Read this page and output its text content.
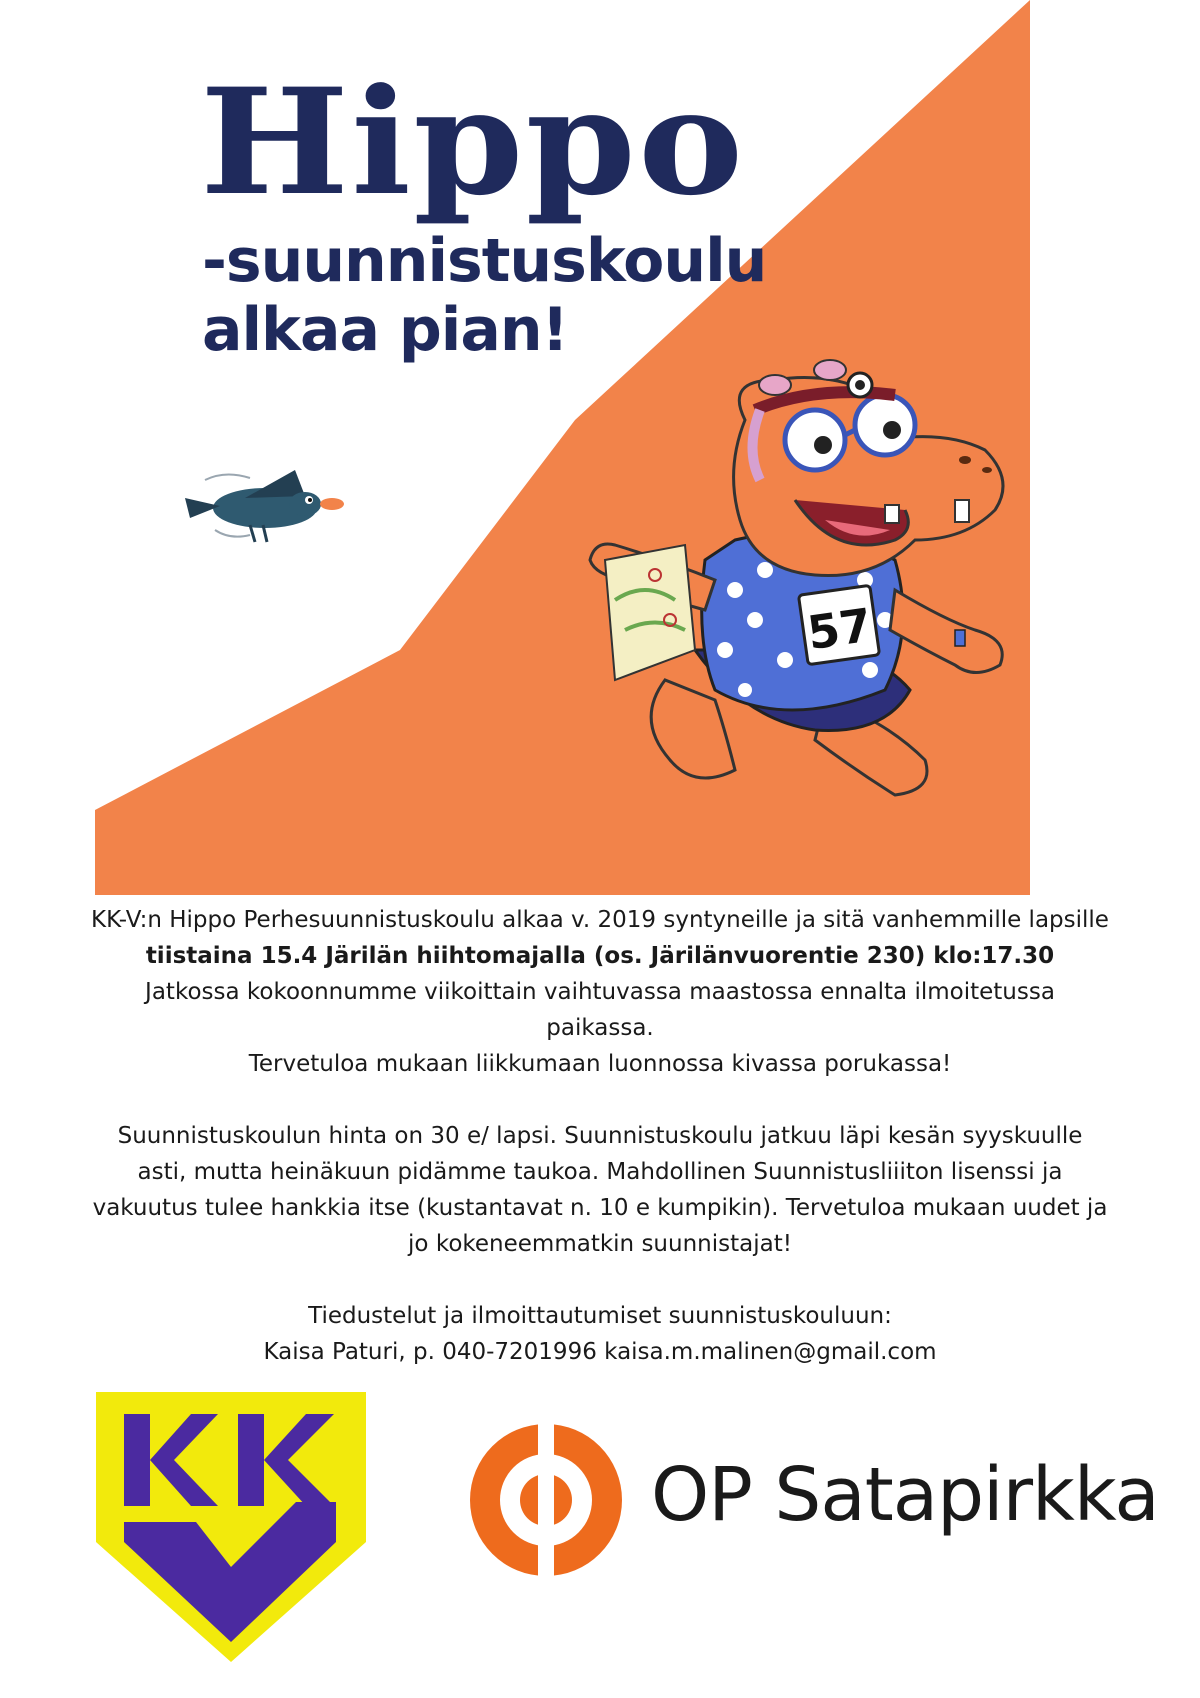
57
Hippo
-suunnistuskoulu
alkaa pian!

KK-V:n Hippo Perhesuunnistuskoulu alkaa v. 2019 syntyneille ja sitä vanhemmille lapsille

tiistaina 15.4 Järilän hiihtomajalla (os. Järilänvuorentie 230) klo:17.30

Jatkossa kokoonnumme viikoittain vaihtuvassa maastossa ennalta ilmoitetussa

paikassa.

Tervetuloa mukaan liikkumaan luonnossa kivassa porukassa!

Suunnistuskoulun hinta on 30 e/ lapsi. Suunnistuskoulu jatkuu läpi kesän syyskuulle

asti, mutta heinäkuun pidämme taukoa. Mahdollinen Suunnistusliiiton lisenssi ja

vakuutus tulee hankkia itse (kustantavat n. 10 e kumpikin). Tervetuloa mukaan uudet ja

jo kokeneemmatkin suunnistajat!

Tiedustelut ja ilmoittautumiset suunnistuskouluun:

Kaisa Paturi, p. 040-7201996 kaisa.m.malinen@gmail.com

OP Satapirkka
